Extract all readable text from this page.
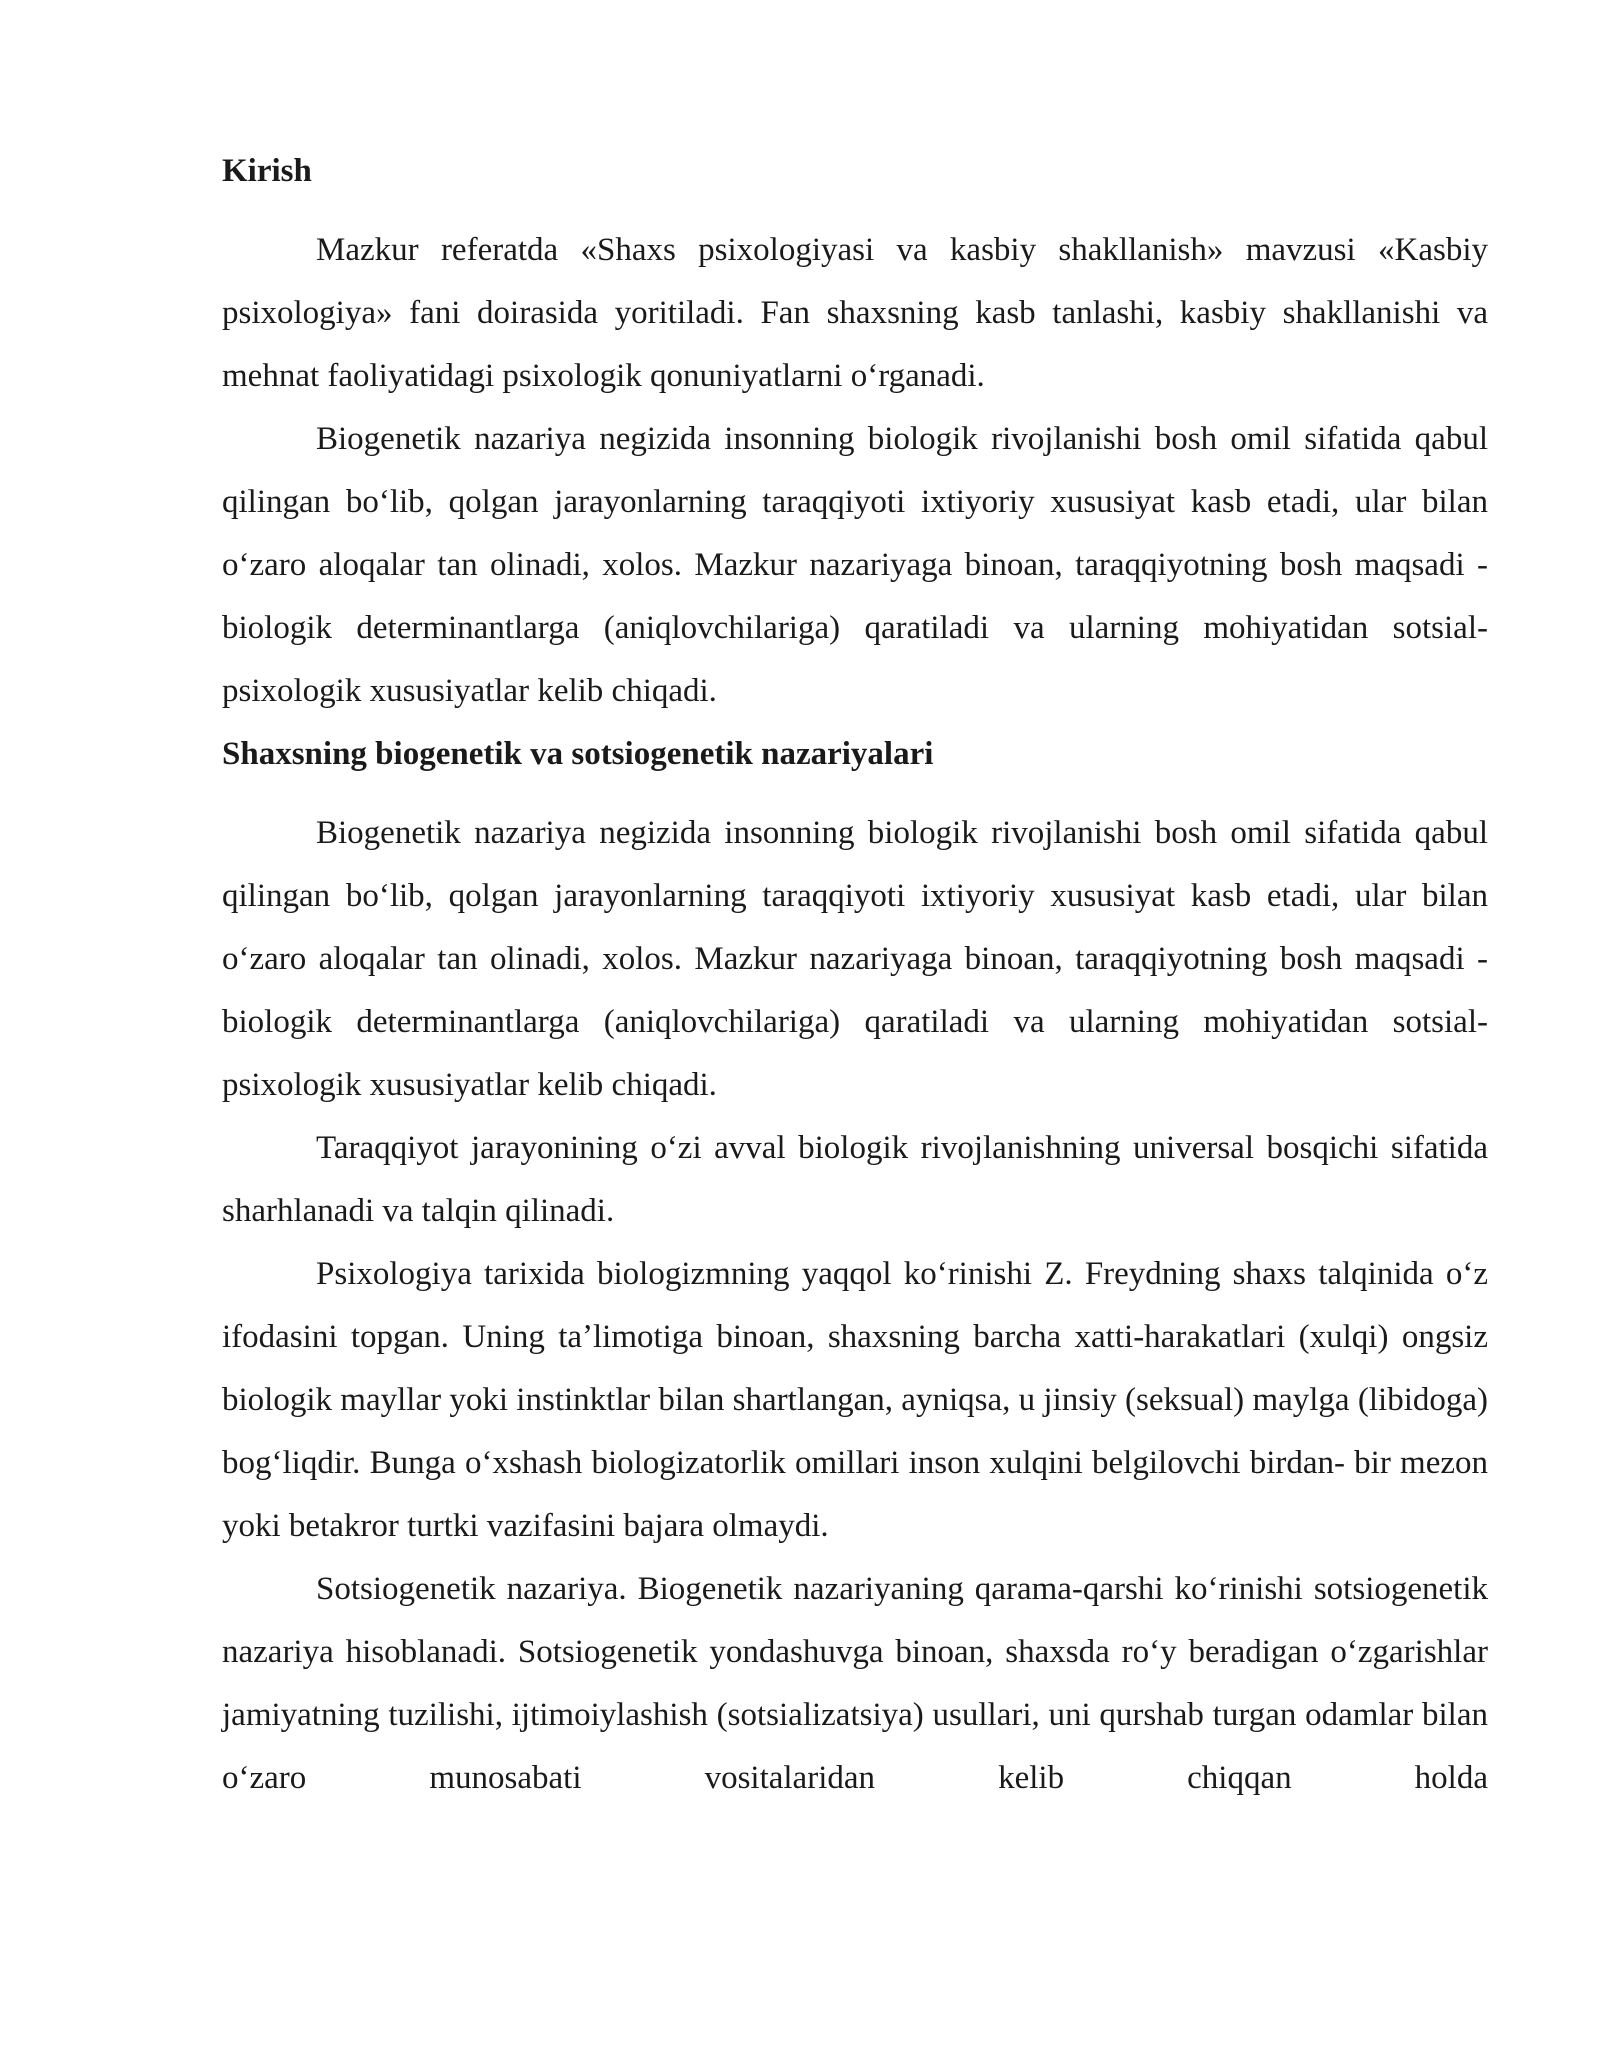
Kirish

Mazkur referatda «Shaxs psixologiyasi va kasbiy shakllanish» mavzusi «Kasbiy psixologiya» fani doirasida yoritiladi. Fan shaxsning kasb tanlashi, kasbiy shakllanishi va mehnat faoliyatidagi psixologik qonuniyatlarni oʻrganadi.

Biogenetik nazariya negizida insonning biologik rivojlanishi bosh omil sifatida qabul qilingan boʻlib, qolgan jarayonlarning taraqqiyoti ixtiyoriy xususiyat kasb etadi, ular bilan oʻzaro aloqalar tan olinadi, xolos. Mazkur nazariyaga binoan, taraqqiyotning bosh maqsadi - biologik determinantlarga (aniqlovchilariga) qaratiladi va ularning mohiyatidan sotsial-psixologik xususiyatlar kelib chiqadi.

Shaxsning biogenetik va sotsiogenetik nazariyalari

Biogenetik nazariya negizida insonning biologik rivojlanishi bosh omil sifatida qabul qilingan boʻlib, qolgan jarayonlarning taraqqiyoti ixtiyoriy xususiyat kasb etadi, ular bilan oʻzaro aloqalar tan olinadi, xolos. Mazkur nazariyaga binoan, taraqqiyotning bosh maqsadi - biologik determinantlarga (aniqlovchilariga) qaratiladi va ularning mohiyatidan sotsial-psixologik xususiyatlar kelib chiqadi.

Taraqqiyot jarayonining oʻzi avval biologik rivojlanishning universal bosqichi sifatida sharhlanadi va talqin qilinadi.

Psixologiya tarixida biologizmning yaqqol koʻrinishi Z. Freydning shaxs talqinida oʻz ifodasini topgan. Uning taʼlimotiga binoan, shaxsning barcha xatti-harakatlari (xulqi) ongsiz biologik mayllar yoki instinktlar bilan shartlangan, ayniqsa, u jinsiy (seksual) maylga (libidoga) bogʻliqdir. Bunga oʻxshash biologizatorlik omillari inson xulqini belgilovchi birdan- bir mezon yoki betakror turtki vazifasini bajara olmaydi.

Sotsiogenetik nazariya. Biogenetik nazariyaning qarama-qarshi koʻrinishi sotsiogenetik nazariya hisoblanadi. Sotsiogenetik yondashuvga binoan, shaxsda roʻy beradigan oʻzgarishlar jamiyatning tuzilishi, ijtimoiylashish (sotsializatsiya) usullari, uni qurshab turgan odamlar bilan oʻzaro munosabati vositalaridan kelib chiqqan holda
